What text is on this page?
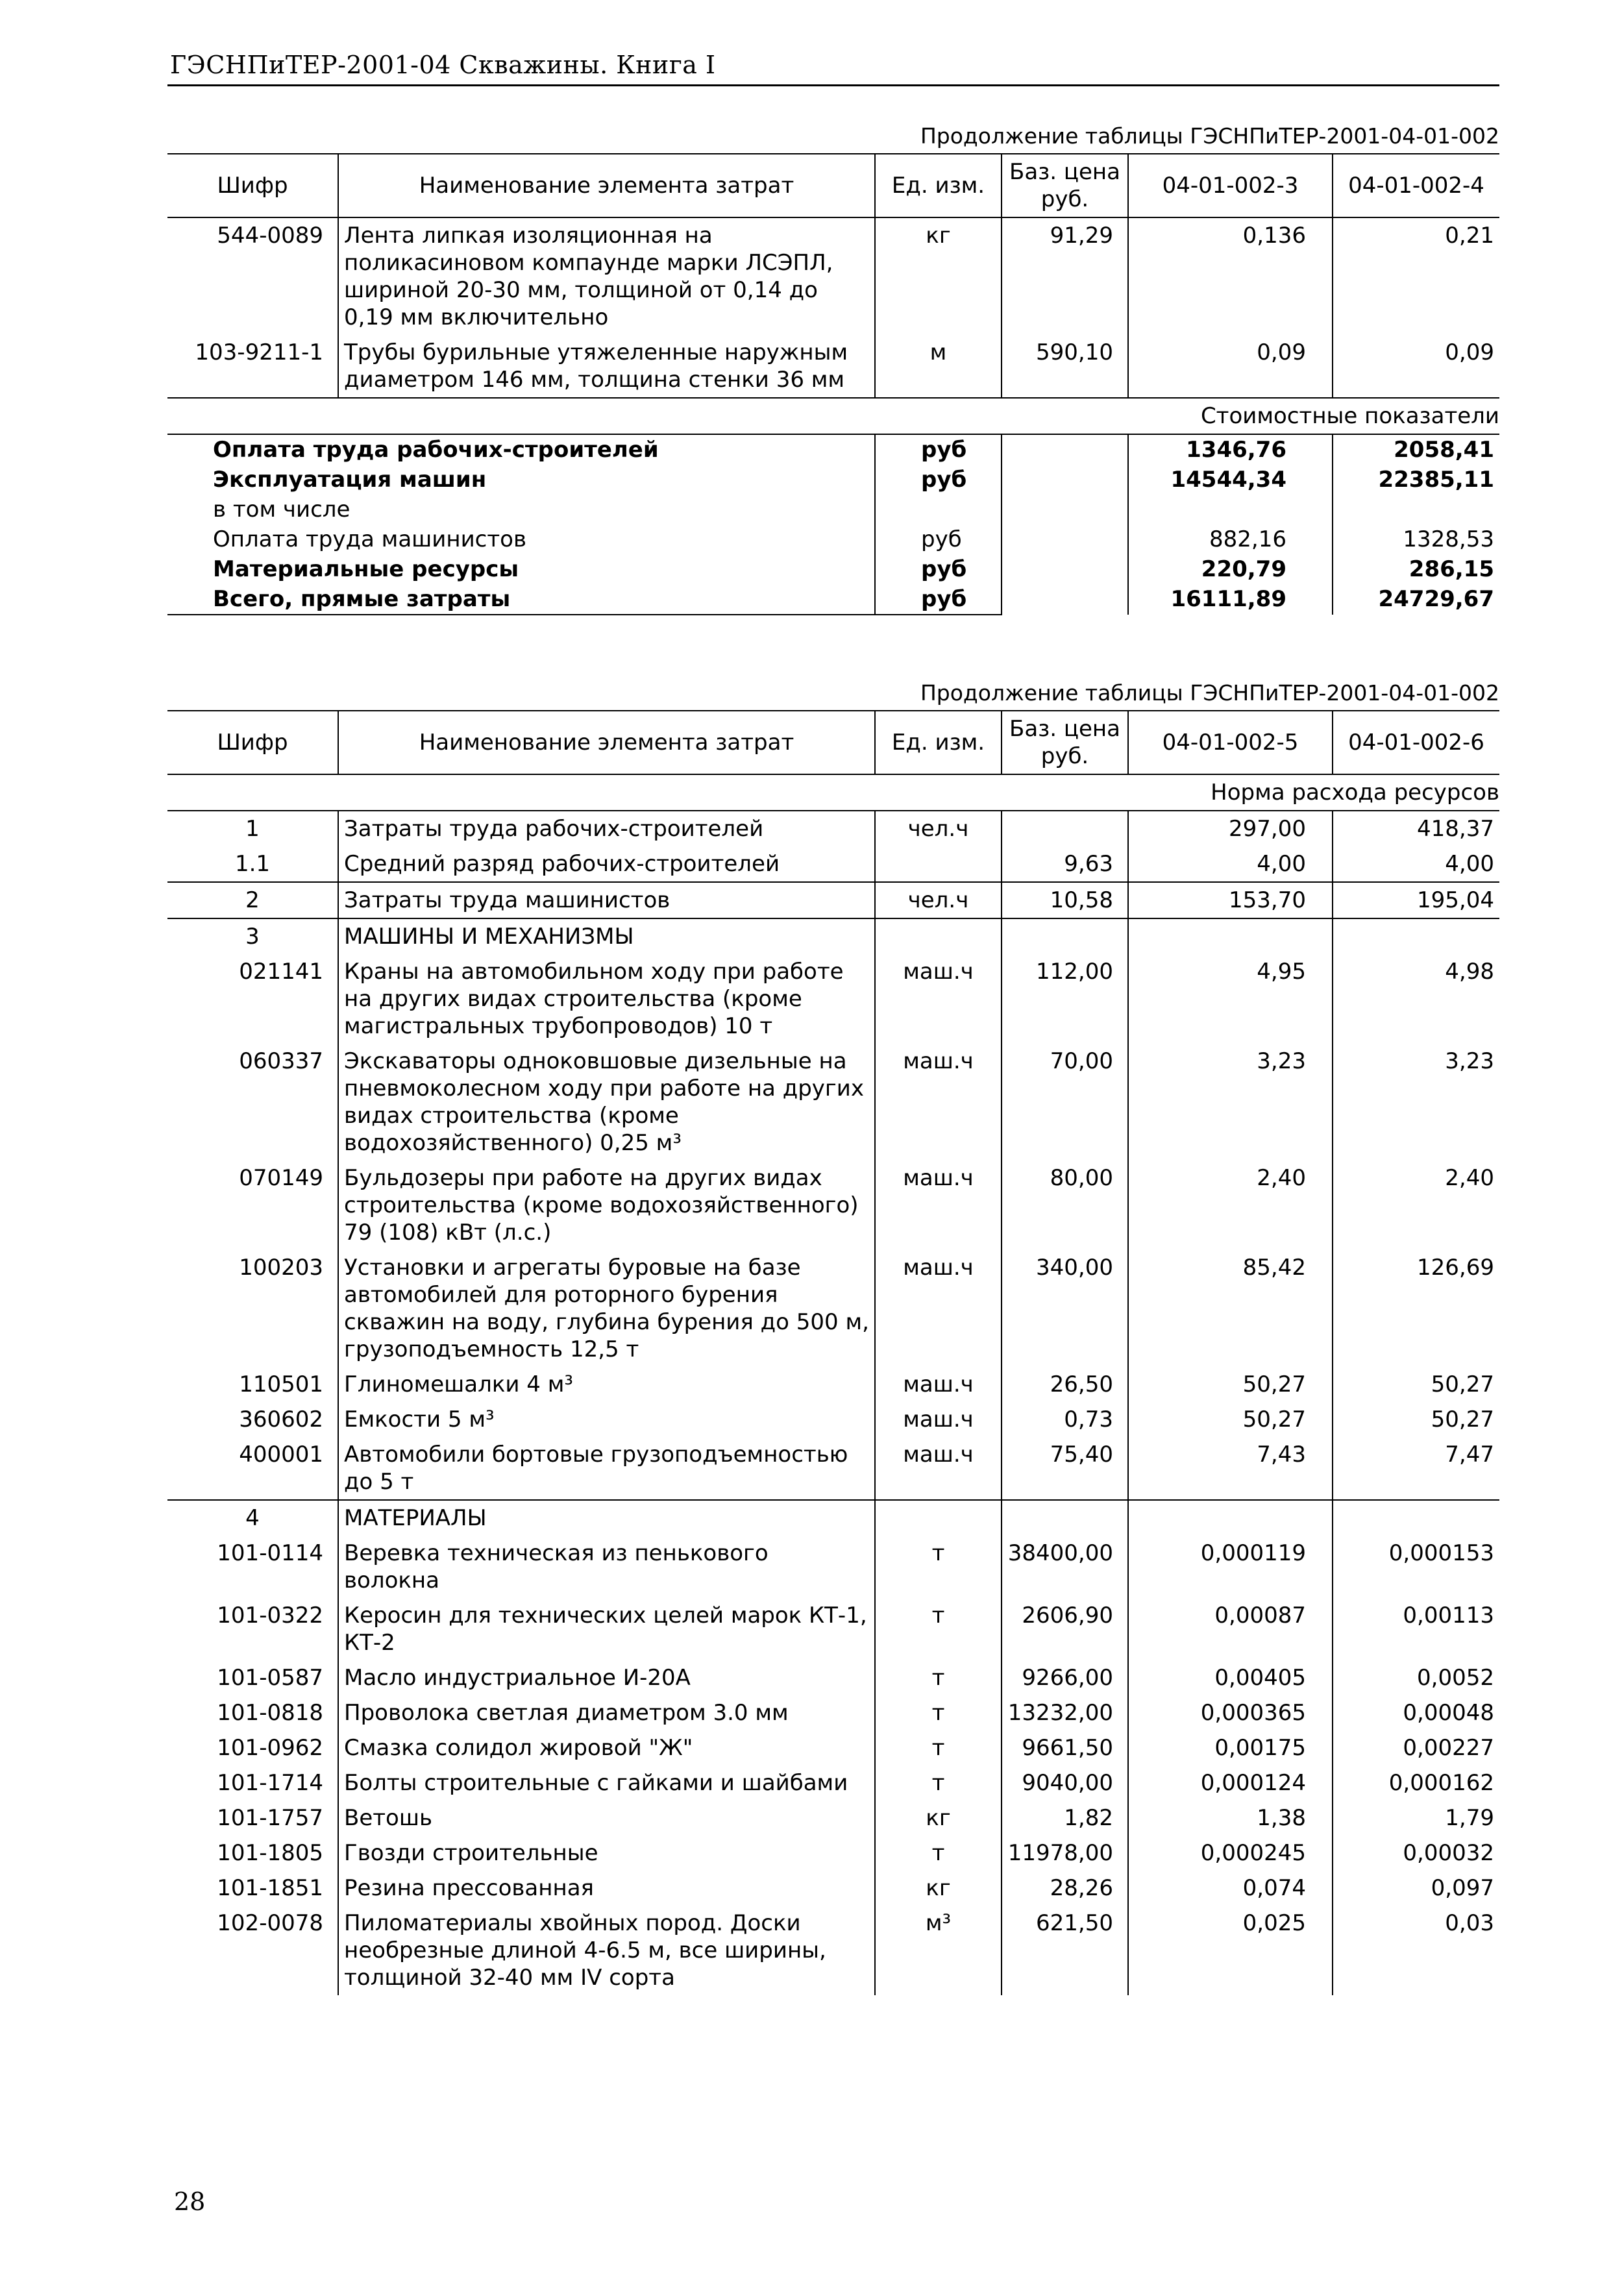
ГЭСНПиТЕР-2001-04 Скважины. Книга I
Продолжение таблицы ГЭСНПиТЕР-2001-04-01-002
Шифр	Наименование элемента затрат	Ед. изм.	Баз. цена руб.	04-01-002-3	04-01-002-4
544-0089	Лента липкая изоляционная на поликасиновом компаунде марки ЛСЭПЛ, шириной 20-30 мм, толщиной от 0,14 до 0,19 мм включительно	кг	91,29	0,136	0,21
103-9211-1	Трубы бурильные утяжеленные наружным диаметром 146 мм, толщина стенки 36 мм	м	590,10	0,09	0,09
Стоимостные показатели					
Оплата труда рабочих-строителей		руб		1346,76	2058,41
Эксплуатация машин		руб		14544,34	22385,11
в том числе					
Оплата труда машинистов		руб		882,16	1328,53
Материальные ресурсы		руб		220,79	286,15
Всего, прямые затраты		руб		16111,89	24729,67
Продолжение таблицы ГЭСНПиТЕР-2001-04-01-002
Шифр	Наименование элемента затрат	Ед. изм.	Баз. цена руб.	04-01-002-5	04-01-002-6
Норма расхода ресурсов					
1	Затраты труда рабочих-строителей	чел.ч		297,00	418,37
1.1	Средний разряд рабочих-строителей		9,63	4,00	4,00
2	Затраты труда машинистов	чел.ч	10,58	153,70	195,04
3	МАШИНЫ И МЕХАНИЗМЫ				
021141	Краны на автомобильном ходу при работе на других видах строительства (кроме магистральных трубопроводов) 10 т	маш.ч	112,00	4,95	4,98
060337	Экскаваторы одноковшовые дизельные на пневмоколесном ходу при работе на других видах строительства (кроме водохозяйственного) 0,25 м³	маш.ч	70,00	3,23	3,23
070149	Бульдозеры при работе на других видах строительства (кроме водохозяйственного) 79 (108) кВт (л.с.)	маш.ч	80,00	2,40	2,40
100203	Установки и агрегаты буровые на базе автомобилей для роторного бурения скважин на воду, глубина бурения до 500 м, грузоподъемность 12,5 т	маш.ч	340,00	85,42	126,69
110501	Глиномешалки 4 м³	маш.ч	26,50	50,27	50,27
360602	Емкости 5 м³	маш.ч	0,73	50,27	50,27
400001	Автомобили бортовые грузоподъемностью до 5 т	маш.ч	75,40	7,43	7,47
4	МАТЕРИАЛЫ				
101-0114	Веревка техническая из пенькового волокна	т	38400,00	0,000119	0,000153
101-0322	Керосин для технических целей марок КТ-1, КТ-2	т	2606,90	0,00087	0,00113
101-0587	Масло индустриальное И-20А	т	9266,00	0,00405	0,0052
101-0818	Проволока светлая диаметром 3.0 мм	т	13232,00	0,000365	0,00048
101-0962	Смазка солидол жировой "Ж"	т	9661,50	0,00175	0,00227
101-1714	Болты строительные с гайками и шайбами	т	9040,00	0,000124	0,000162
101-1757	Ветошь	кг	1,82	1,38	1,79
101-1805	Гвозди строительные	т	11978,00	0,000245	0,00032
101-1851	Резина прессованная	кг	28,26	0,074	0,097
102-0078	Пиломатериалы хвойных пород. Доски необрезные длиной 4-6.5 м, все ширины, толщиной 32-40 мм IV сорта	м³	621,50	0,025	0,03
28
